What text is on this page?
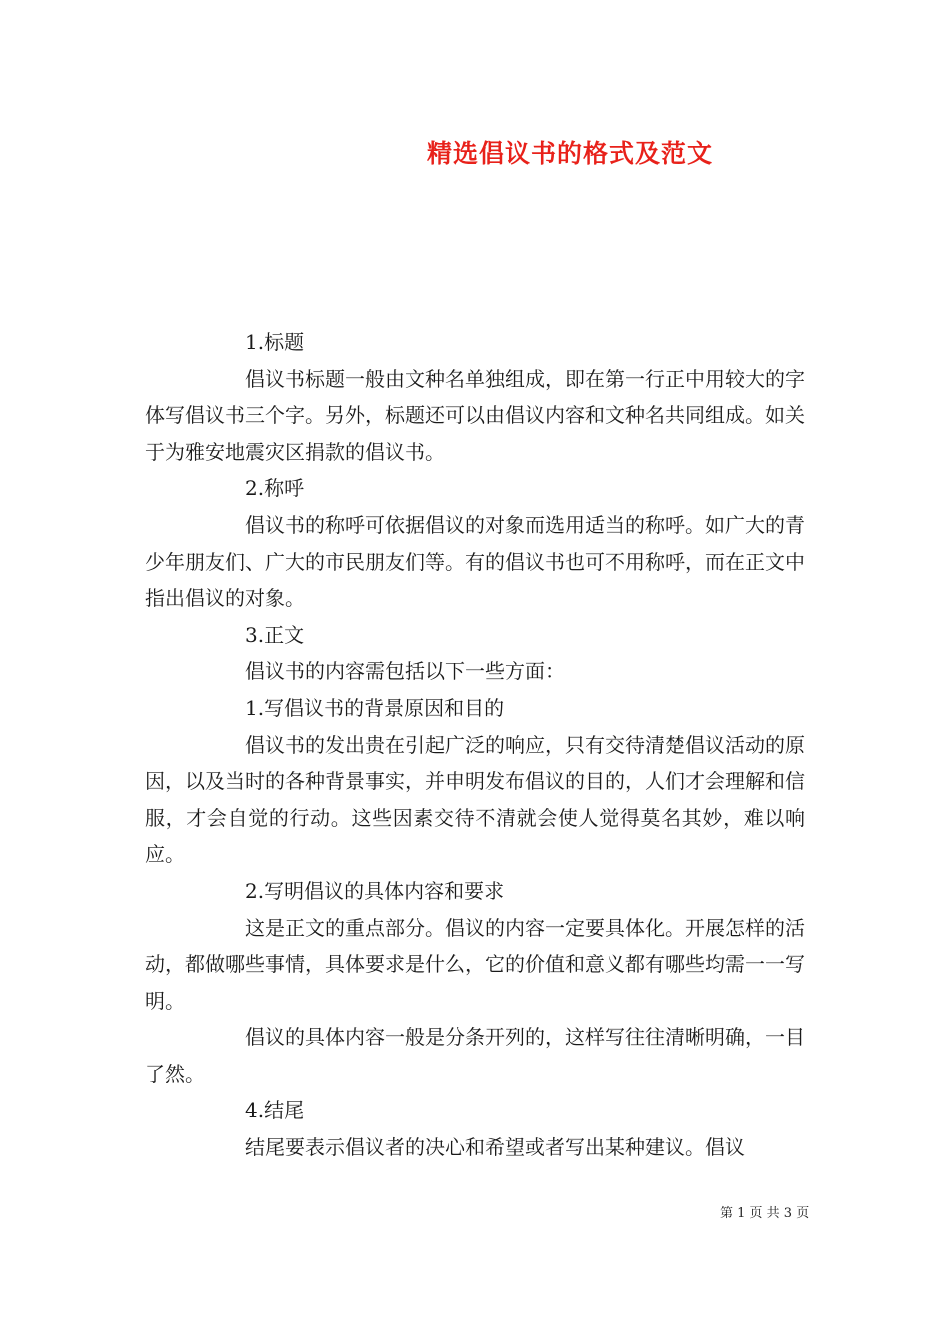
精选倡议书的格式及范文

1.标题

倡议书标题一般由文种名单独组成，即在第一行正中用较大的字体写倡议书三个字。另外，标题还可以由倡议内容和文种名共同组成。如关于为雅安地震灾区捐款的倡议书。

2.称呼

倡议书的称呼可依据倡议的对象而选用适当的称呼。如广大的青少年朋友们、广大的市民朋友们等。有的倡议书也可不用称呼，而在正文中指出倡议的对象。

3.正文

倡议书的内容需包括以下一些方面：

1.写倡议书的背景原因和目的

倡议书的发出贵在引起广泛的响应，只有交待清楚倡议活动的原因，以及当时的各种背景事实，并申明发布倡议的目的，人们才会理解和信服，才会自觉的行动。这些因素交待不清就会使人觉得莫名其妙，难以响应。

2.写明倡议的具体内容和要求

这是正文的重点部分。倡议的内容一定要具体化。开展怎样的活动，都做哪些事情，具体要求是什么，它的价值和意义都有哪些均需一一写明。

倡议的具体内容一般是分条开列的，这样写往往清晰明确，一目了然。

4.结尾

结尾要表示倡议者的决心和希望或者写出某种建议。倡议

第 1 页 共 3 页
